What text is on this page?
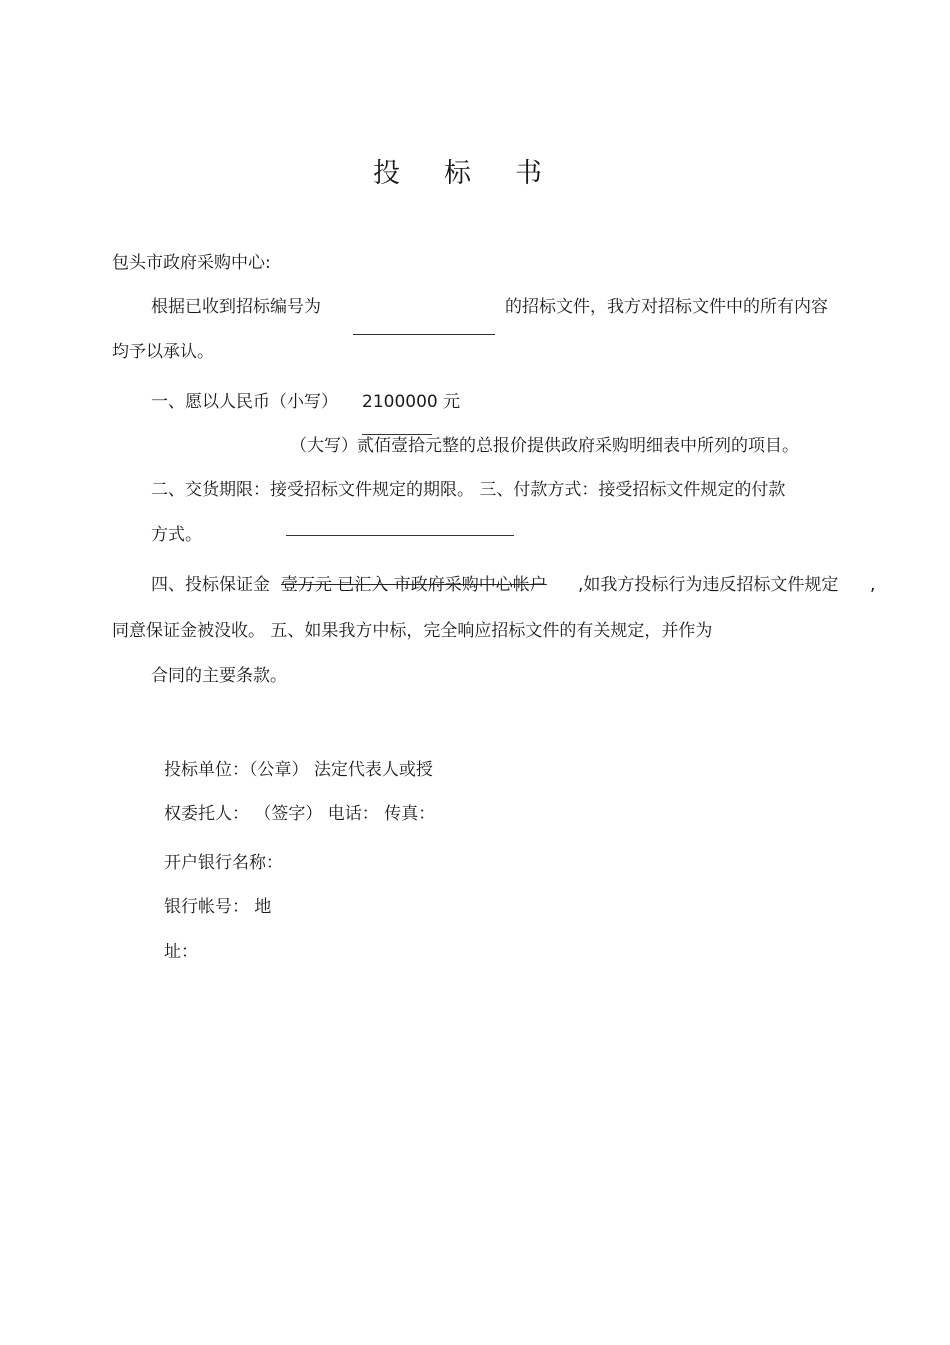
投 标 书
包头市政府采购中心:
根据已收到招标编号为	的招标文件，我方对招标文件中的所有内容
均予以承认。
一、愿以人民币（小写） 2100000 元
（大写） 贰佰壹拾元整的总报价提供政府采购明细表中所列的项目。
二、交货期限：接受招标文件规定的期限。 三、付款方式：接受招标文件规定的付款
方式。
四、投标保证金 壹万元 已汇入 市政府采购中心帐户 ,如我方投标行为违反招标文件规定 ,
同意保证金被没收。 五、如果我方中标，完全响应招标文件的有关规定，并作为
合同的主要条款。
投标单位：（公章） 法定代表人或授
权委托人： （签字） 电话： 传真：
开户银行名称：
银行帐号： 地
址：
